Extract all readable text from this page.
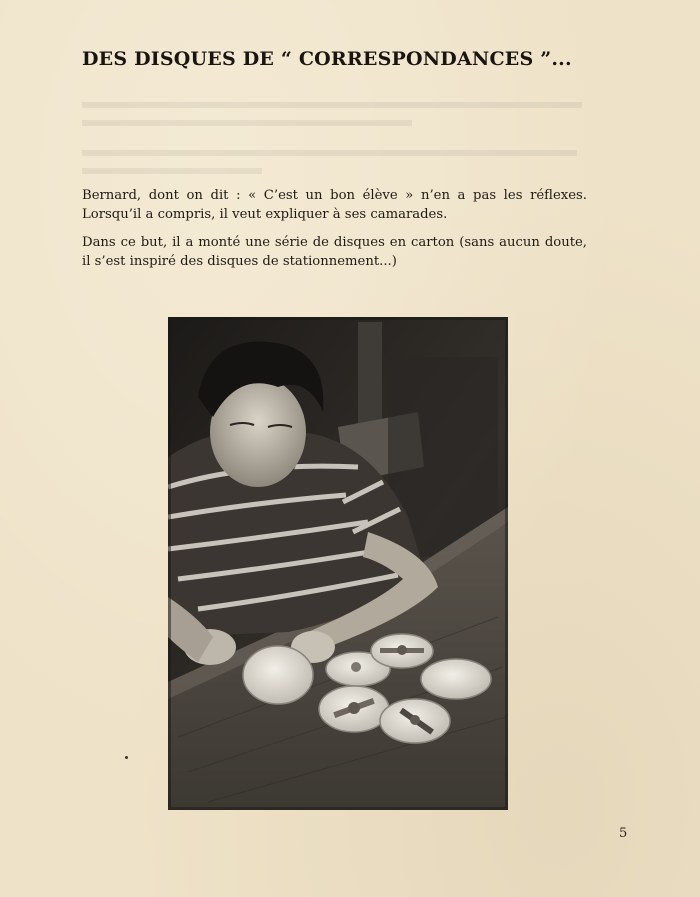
DES DISQUES DE “ CORRESPONDANCES ”...

Bernard, dont on dit : « C’est un bon élève » n’en a pas les réflexes. Lorsqu’il a compris, il veut expliquer à ses camarades.

Dans ce but, il a monté une série de disques en carton (sans aucun doute, il s’est inspiré des disques de stationnement...)

5
